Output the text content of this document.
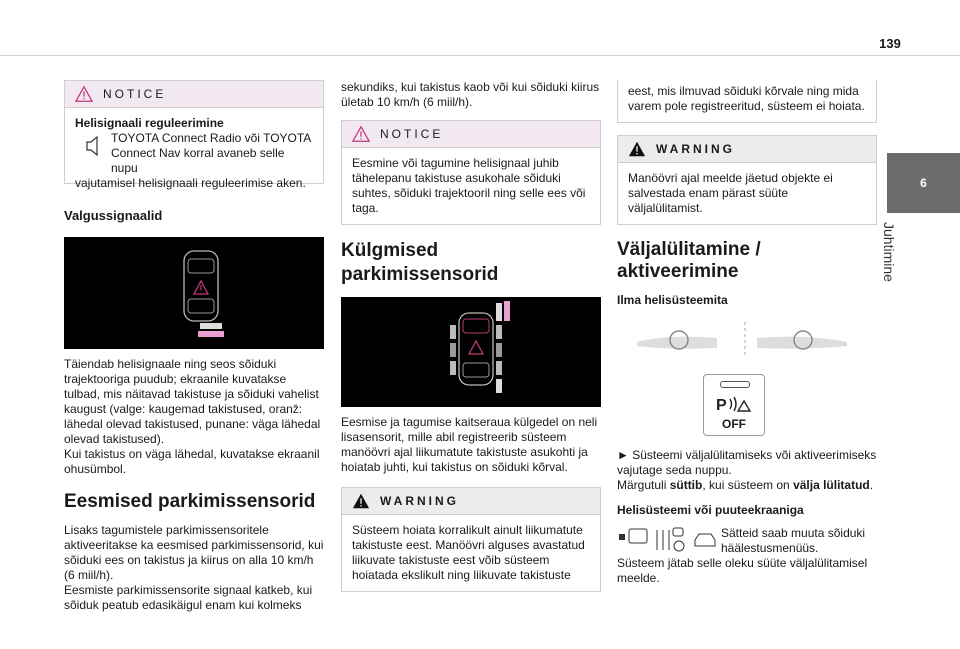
139
6
Juhtimine
NOTICE

Helisignaali reguleerimine

TOYOTA Connect Radio või TOYOTA Connect Nav korral avaneb selle nupu

vajutamisel helisignaali reguleerimise aken.

Valgussignaalid

Täiendab helisignaale ning seos sõiduki trajektooriga puudub; ekraanile kuvatakse tulbad, mis näitavad takistuse ja sõiduki vahelist kaugust (valge: kaugemad takistused, oranž: lähedal olevad takistused, punane: väga lähedal olevad takistused).

Kui takistus on väga lähedal, kuvatakse ekraanil ohusümbol.

Eesmised parkimissensorid

Lisaks tagumistele parkimissensoritele aktiveeritakse ka eesmised parkimissensorid, kui sõiduki ees on takistus ja kiirus on alla 10 km/h (6 miil/h).

Eesmiste parkimissensorite signaal katkeb, kui sõiduk peatub edasikäigul enam kui kolmeks

sekundiks, kui takistus kaob või kui sõiduki kiirus ületab 10 km/h (6 miil/h).

NOTICE

Eesmine või tagumine helisignaal juhib tähelepanu takistuse asukohale sõiduki suhtes, sõiduki trajektooril ning selle ees või taga.

Külgmised parkimissensorid

Eesmise ja tagumise kaitseraua külgedel on neli lisasensorit, mille abil registreerib süsteem manöövri ajal liikumatute takistuste asukohti ja hoiatab juhti, kui takistus on sõiduki kõrval.

WARNING

Süsteem hoiata korralikult ainult liikumatute takistuste eest. Manöövri alguses avastatud liikuvate takistuste eest võib süsteem hoiatada ekslikult ning liikuvate takistuste

eest, mis ilmuvad sõiduki kõrvale ning mida varem pole registreeritud, süsteem ei hoiata.

WARNING

Manöövri ajal meelde jäetud objekte ei salvestada enam pärast süüte väljalülitamist.

Väljalülitamine / aktiveerimine

Ilma helisüsteemita

P
OFF

► Süsteemi väljalülitamiseks või aktiveerimiseks vajutage seda nuppu.

Märgutuli süttib, kui süsteem on välja lülitatud.

Helisüsteemi või puuteekraaniga

Sätteid saab muuta sõiduki häälestusmenüüs.

Süsteem jätab selle oleku süüte väljalülitamisel meelde.
